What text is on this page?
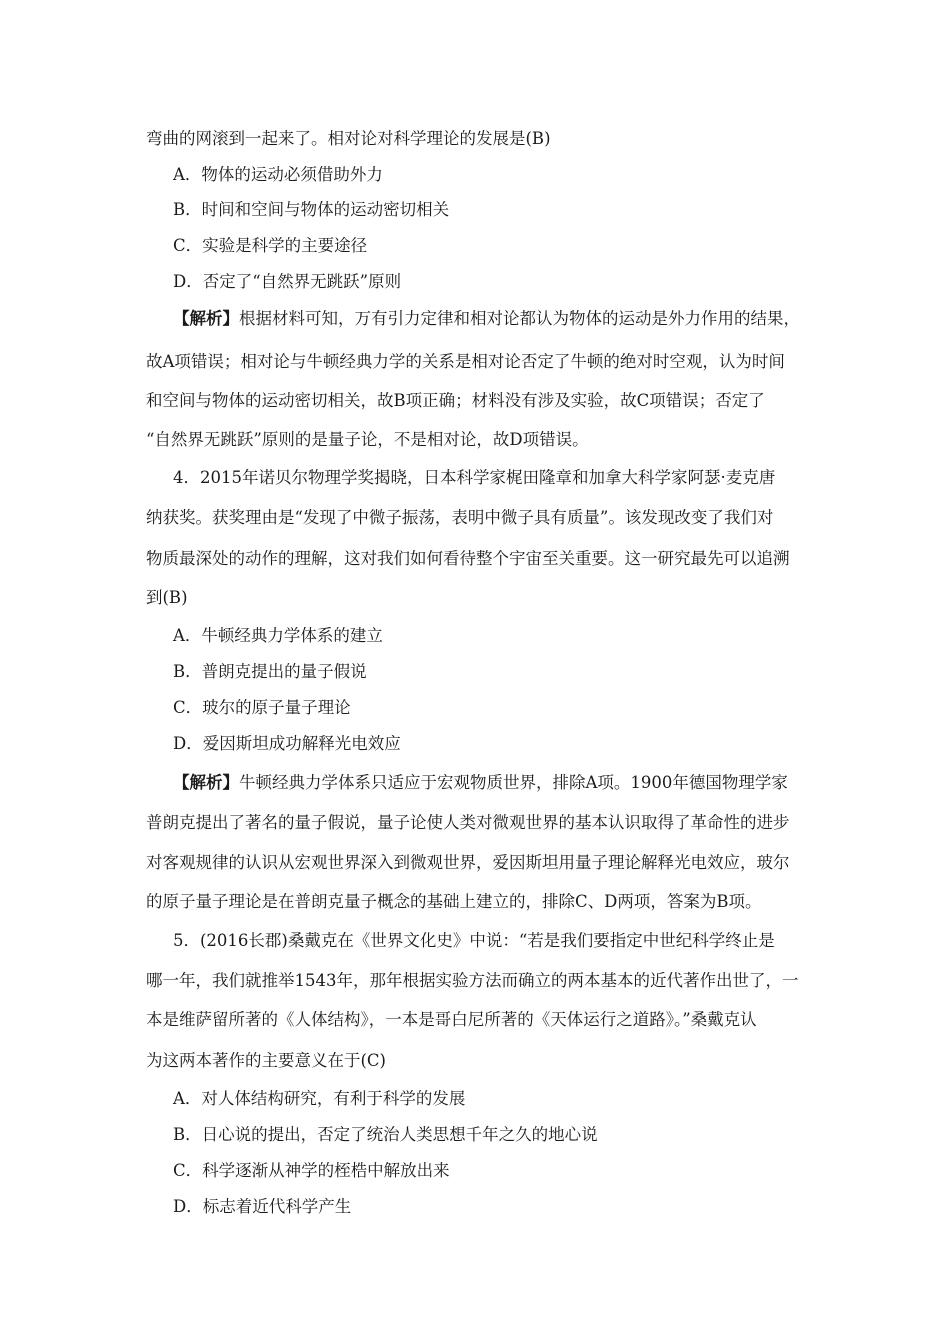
弯曲的网滚到一起来了。相对论对科学理论的发展是(B)
A．物体的运动必须借助外力
B．时间和空间与物体的运动密切相关
C．实验是科学的主要途径
D．否定了“自然界无跳跃”原则
【解析】根据材料可知，万有引力定律和相对论都认为物体的运动是外力作用的结果，
故A项错误；相对论与牛顿经典力学的关系是相对论否定了牛顿的绝对时空观，认为时间
和空间与物体的运动密切相关，故B项正确；材料没有涉及实验，故C项错误；否定了
“自然界无跳跃”原则的是量子论，不是相对论，故D项错误。
4．2015年诺贝尔物理学奖揭晓，日本科学家梶田隆章和加拿大科学家阿瑟·麦克唐
纳获奖。获奖理由是“发现了中微子振荡，表明中微子具有质量”。该发现改变了我们对
物质最深处的动作的理解，这对我们如何看待整个宇宙至关重要。这一研究最先可以追溯
到(B)
A．牛顿经典力学体系的建立
B．普朗克提出的量子假说
C．玻尔的原子量子理论
D．爱因斯坦成功解释光电效应
【解析】牛顿经典力学体系只适应于宏观物质世界，排除A项。1900年德国物理学家
普朗克提出了著名的量子假说，量子论使人类对微观世界的基本认识取得了革命性的进步
对客观规律的认识从宏观世界深入到微观世界，爱因斯坦用量子理论解释光电效应，玻尔
的原子量子理论是在普朗克量子概念的基础上建立的，排除C、D两项，答案为B项。
5．(2016长郡)桑戴克在《世界文化史》中说：“若是我们要指定中世纪科学终止是
哪一年，我们就推举1543年，那年根据实验方法而确立的两本基本的近代著作出世了，一
本是维萨留所著的《人体结构》，一本是哥白尼所著的《天体运行之道路》。”桑戴克认
为这两本著作的主要意义在于(C)
A．对人体结构研究，有利于科学的发展
B．日心说的提出，否定了统治人类思想千年之久的地心说
C．科学逐渐从神学的桎梏中解放出来
D．标志着近代科学产生
